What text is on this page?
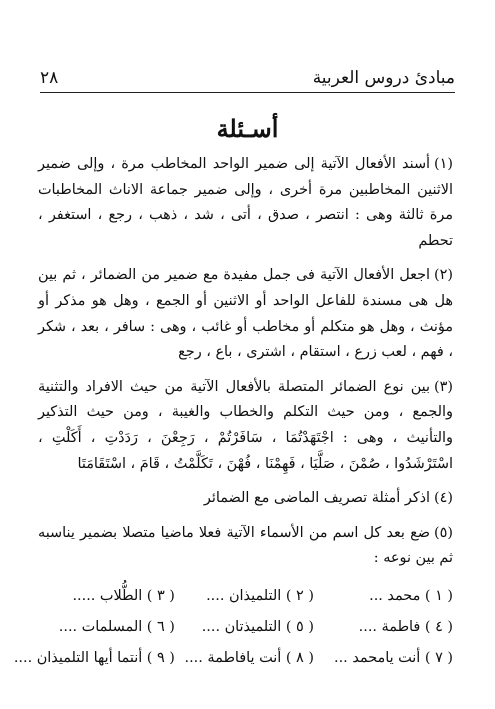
مبادئ دروس العربية
٢٨
أسـئلة

(١)أسند الأفعال الآتية إلى ضمير الواحد المخاطب مرة ، وإلى ضمير الاثنين المخاطبين مرة أخرى ، وإلى ضمير جماعة الاناث المخاطبات مرة ثالثة وهى : انتصر ، صدق ، أتى ، شد ، ذهب ، رجع ، استغفر ، تحطم

(٢)اجعل الأفعال الآتية فى جمل مفيدة مع ضمير من الضمائر ، ثم بين هل هى مسندة للفاعل الواحد أو الاثنين أو الجمع ، وهل هو مذكر أو مؤنث ، وهل هو متكلم أو مخاطب أو غائب ، وهى : سافر ، بعد ، شكر ، فهم ، لعب زرع ، استقام ، اشترى ، باع ، رجع

(٣)بين نوع الضمائر المتصلة بالأفعال الآتية من حيث الافراد والتثنية والجمع ، ومن حيث التكلم والخطاب والغيبة ، ومن حيث التذكير والتأنيث ، وهى : اجْتَهَدْتُمَا ، سَافَرْتُمْ ، رَجِعْنَ ، رَدَدْتِ ، أَكَلْتِ ، اسْتَرْشَدُوا ، صُمْنَ ، صَلَّيَا ، فَهِمْنَا ، فُهْنَ ، تَكَلَّمْتُ ، قَامَ ، اسْتَقَامَتَا

(٤)اذكر أمثلة تصريف الماضى مع الضمائر

(٥)ضع بعد كل اسم من الأسماء الآتية فعلا ماضيا متصلا بضمير يناسبه ثم بين نوعه :

( ١ ) محمد ...
( ٢ ) التلميذان ....
( ٣ ) الطُّلاب .....
( ٤ ) فاطمة ....
( ٥ ) التلميذتان ....
( ٦ ) المسلمات ....
( ٧ ) أنت يامحمد ...
( ٨ ) أنت يافاطمة ....
( ٩ ) أنتما أيها التلميذان ....
